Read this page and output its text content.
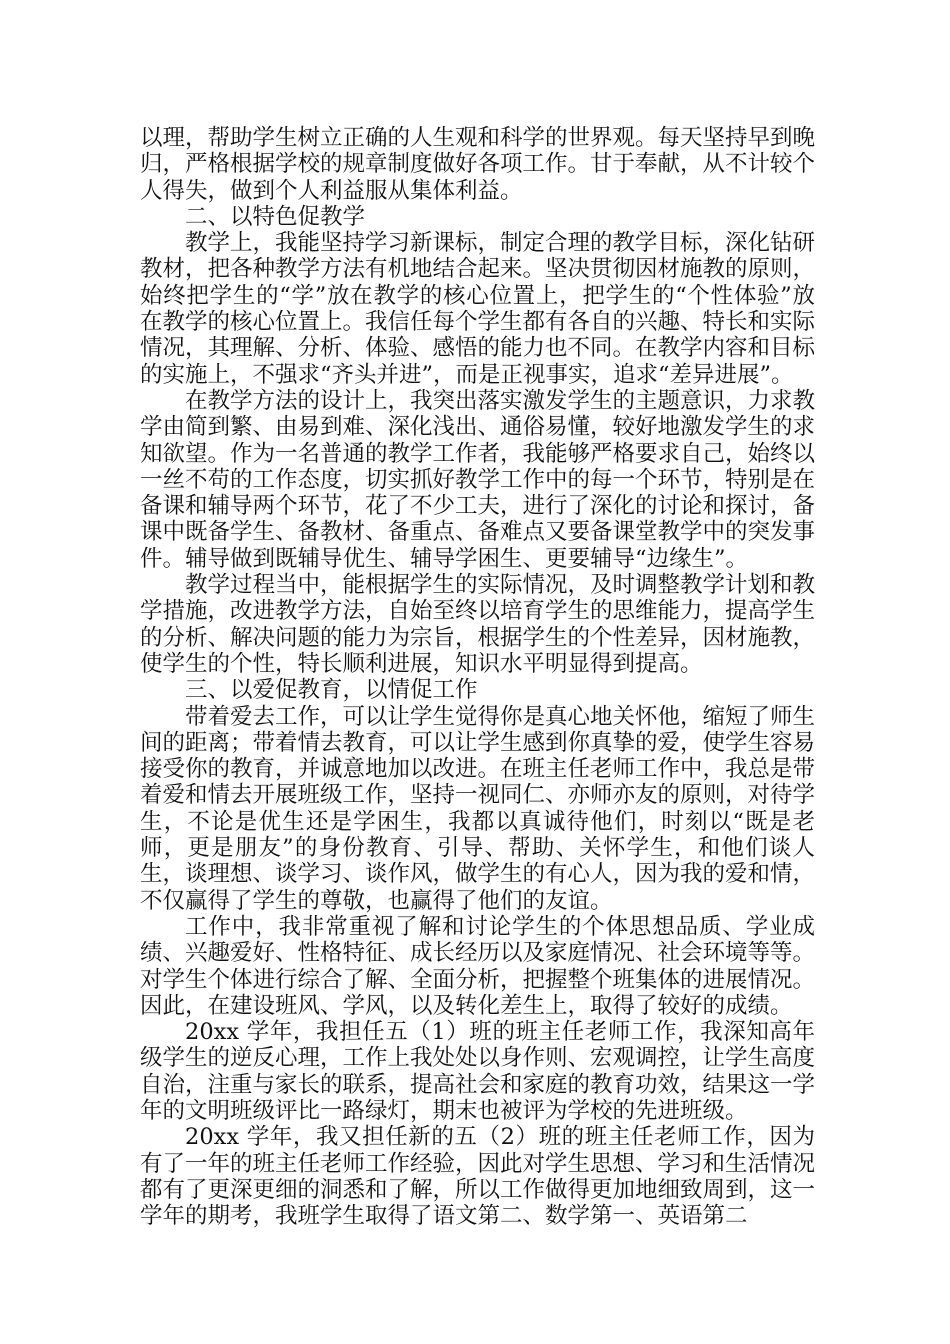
以理，帮助学生树立正确的人生观和科学的世界观。每天坚持早到晚归，严格根据学校的规章制度做好各项工作。甘于奉献，从不计较个人得失，做到个人利益服从集体利益。

二、以特色促教学

教学上，我能坚持学习新课标，制定合理的教学目标，深化钻研教材，把各种教学方法有机地结合起来。坚决贯彻因材施教的原则，始终把学生的“学”放在教学的核心位置上，把学生的“个性体验”放在教学的核心位置上。我信任每个学生都有各自的兴趣、特长和实际情况，其理解、分析、体验、感悟的能力也不同。在教学内容和目标的实施上，不强求“齐头并进”，而是正视事实，追求“差异进展”。

在教学方法的设计上，我突出落实激发学生的主题意识，力求教学由简到繁、由易到难、深化浅出、通俗易懂，较好地激发学生的求知欲望。作为一名普通的教学工作者，我能够严格要求自己，始终以一丝不苟的工作态度，切实抓好教学工作中的每一个环节，特别是在备课和辅导两个环节，花了不少工夫，进行了深化的讨论和探讨，备课中既备学生、备教材、备重点、备难点又要备课堂教学中的突发事件。辅导做到既辅导优生、辅导学困生、更要辅导“边缘生”。

教学过程当中，能根据学生的实际情况，及时调整教学计划和教学措施，改进教学方法，自始至终以培育学生的思维能力，提高学生的分析、解决问题的能力为宗旨，根据学生的个性差异，因材施教，使学生的个性，特长顺利进展，知识水平明显得到提高。

三、以爱促教育，以情促工作

带着爱去工作，可以让学生觉得你是真心地关怀他，缩短了师生间的距离；带着情去教育，可以让学生感到你真挚的爱，使学生容易接受你的教育，并诚意地加以改进。在班主任老师工作中，我总是带着爱和情去开展班级工作，坚持一视同仁、亦师亦友的原则，对待学生，不论是优生还是学困生，我都以真诚待他们，时刻以“既是老师，更是朋友”的身份教育、引导、帮助、关怀学生，和他们谈人生，谈理想、谈学习、谈作风，做学生的有心人，因为我的爱和情，不仅赢得了学生的尊敬，也赢得了他们的友谊。

工作中，我非常重视了解和讨论学生的个体思想品质、学业成绩、兴趣爱好、性格特征、成长经历以及家庭情况、社会环境等等。对学生个体进行综合了解、全面分析，把握整个班集体的进展情况。因此，在建设班风、学风，以及转化差生上，取得了较好的成绩。

20xx 学年，我担任五（1）班的班主任老师工作，我深知高年级学生的逆反心理，工作上我处处以身作则、宏观调控，让学生高度自治，注重与家长的联系，提高社会和家庭的教育功效，结果这一学年的文明班级评比一路绿灯，期末也被评为学校的先进班级。

20xx 学年，我又担任新的五（2）班的班主任老师工作，因为有了一年的班主任老师工作经验，因此对学生思想、学习和生活情况都有了更深更细的洞悉和了解，所以工作做得更加地细致周到，这一学年的期考，我班学生取得了语文第二、数学第一、英语第二
